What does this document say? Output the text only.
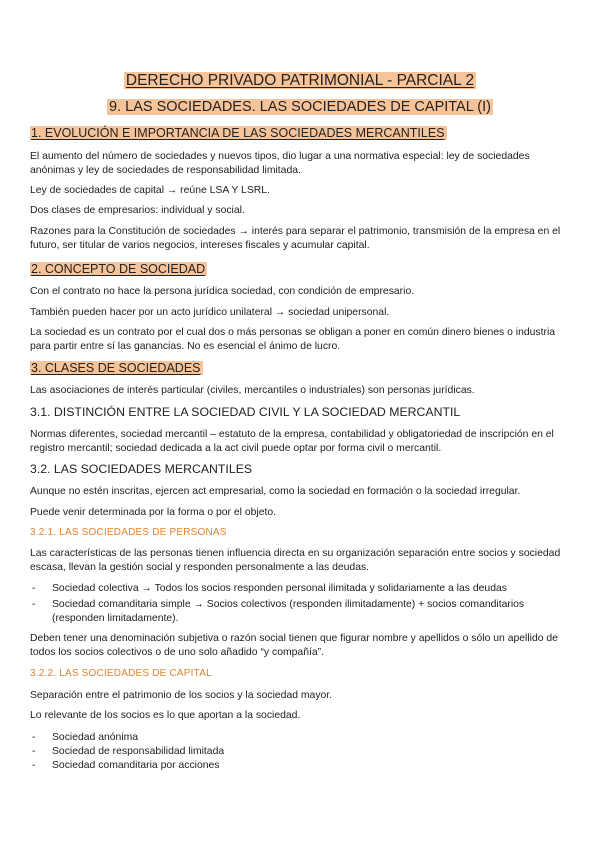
DERECHO PRIVADO PATRIMONIAL - PARCIAL 2
9. LAS SOCIEDADES. LAS SOCIEDADES DE CAPITAL (I)
1. EVOLUCIÓN E IMPORTANCIA DE LAS SOCIEDADES MERCANTILES
El aumento del número de sociedades y nuevos tipos, dio lugar a una normativa especial: ley de sociedades anónimas y ley de sociedades de responsabilidad limitada.
Ley de sociedades de capital → reúne LSA Y LSRL.
Dos clases de empresarios: individual y social.
Razones para la Constitución de sociedades → interés para separar el patrimonio, transmisión de la empresa en el futuro, ser titular de varios negocios, intereses fiscales y acumular capital.
2. CONCEPTO DE SOCIEDAD
Con el contrato no hace la persona jurídica sociedad, con condición de empresario.
También pueden hacer por un acto jurídico unilateral → sociedad unipersonal.
La sociedad es un contrato por el cual dos o más personas se obligan a poner en común dinero bienes o industria para partir entre sí las ganancias. No es esencial el ánimo de lucro.
3. CLASES DE SOCIEDADES
Las asociaciones de interés particular (civiles, mercantiles o industriales) son personas jurídicas.
3.1. DISTINCIÓN ENTRE LA SOCIEDAD CIVIL Y LA SOCIEDAD MERCANTIL
Normas diferentes, sociedad mercantil – estatuto de la empresa, contabilidad y obligatoriedad de inscripción en el registro mercantil; sociedad dedicada a la act civil puede optar por forma civil o mercantil.
3.2. LAS SOCIEDADES MERCANTILES
Aunque no estén inscritas, ejercen act empresarial, como la sociedad en formación o la sociedad irregular.
Puede venir determinada por la forma o por el objeto.
3.2.1. LAS SOCIEDADES DE PERSONAS
Las características de las personas tienen influencia directa en su organización separación entre socios y sociedad escasa, llevan la gestión social y responden personalmente a las deudas.
- Sociedad colectiva → Todos los socios responden personal ilimitada y solidariamente a las deudas
- Sociedad comanditaria simple → Socios colectivos (responden ilimitadamente) + socios comanditarios (responden limitadamente).
Deben tener una denominación subjetiva o razón social tienen que figurar nombre y apellidos o sólo un apellido de todos los socios colectivos o de uno solo añadido “y compañía”.
3.2.2. LAS SOCIEDADES DE CAPITAL
Separación entre el patrimonio de los socios y la sociedad mayor.
Lo relevante de los socios es lo que aportan a la sociedad.
- Sociedad anónima
- Sociedad de responsabilidad limitada
- Sociedad comanditaria por acciones
